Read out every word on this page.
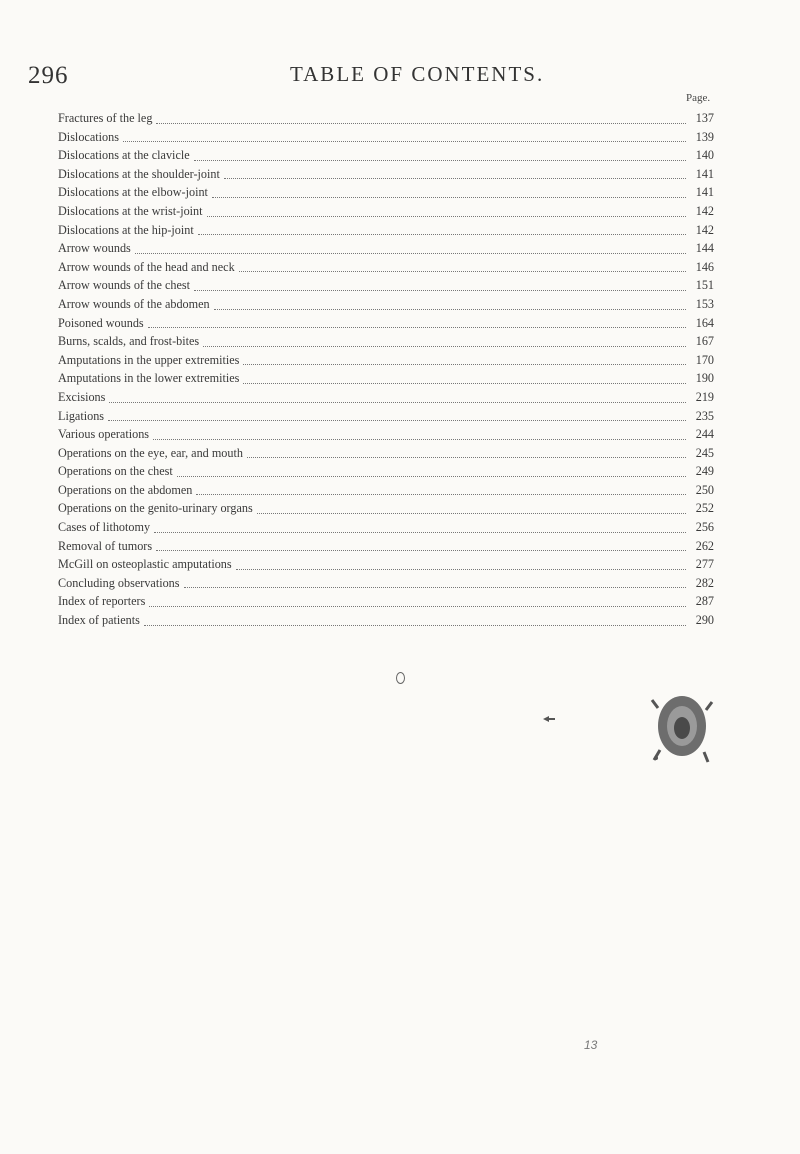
296	TABLE OF CONTENTS.
Page.
Fractures of the leg	137
Dislocations	139
Dislocations at the clavicle	140
Dislocations at the shoulder-joint	141
Dislocations at the elbow-joint	141
Dislocations at the wrist-joint	142
Dislocations at the hip-joint	142
Arrow wounds	144
Arrow wounds of the head and neck	146
Arrow wounds of the chest	151
Arrow wounds of the abdomen	153
Poisoned wounds	164
Burns, scalds, and frost-bites	167
Amputations in the upper extremities	170
Amputations in the lower extremities	190
Excisions	219
Ligations	235
Various operations	244
Operations on the eye, ear, and mouth	245
Operations on the chest	249
Operations on the abdomen	250
Operations on the genito-urinary organs	252
Cases of lithotomy	256
Removal of tumors	262
McGill on osteoplastic amputations	277
Concluding observations	282
Index of reporters	287
Index of patients	290
13
